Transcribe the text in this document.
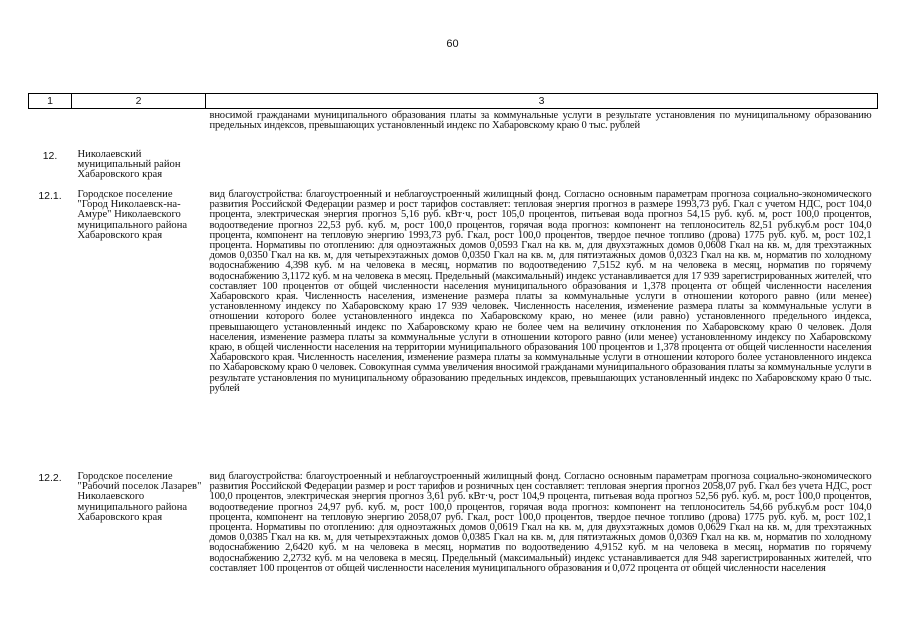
60
1	2	3
		вносимой гражданами муниципального образования платы за коммунальные услуги в результате установления по муниципальному образованию предельных индексов, превышающих установленный индекс по Хабаровскому краю 0 тыс. рублей
12.	Николаевский муниципальный район Хабаровского края	
12.1.	Городское поселение "Город Николаевск-на-Амуре" Николаевского муниципального района Хабаровского края	вид благоустройства: благоустроенный и неблагоустроенный жилищный фонд. Согласно основным параметрам прогноза социально-экономического развития Российской Федерации размер и рост тарифов составляет: тепловая энергия прогноз в размере 1993,73 руб. Гкал с учетом НДС, рост 104,0 процента, электрическая энергия прогноз 5,16 руб. кВт·ч, рост 105,0 процентов, питьевая вода прогноз 54,15 руб. куб. м, рост 100,0 процентов, водоотведение прогноз 22,53 руб. куб. м, рост 100,0 процентов, горячая вода прогноз: компонент на теплоноситель 82,51 руб.куб.м рост 104,0 процента, компонент на тепловую энергию 1993,73 руб. Гкал, рост 100,0 процентов, твердое печное топливо (дрова) 1775 руб. куб. м, рост 102,1 процента. Нормативы по отоплению: для одноэтажных домов 0,0593 Гкал на кв. м, для двухэтажных домов 0,0608 Гкал на кв. м, для трехэтажных домов 0,0350 Гкал на кв. м, для четырехэтажных домов 0,0350 Гкал на кв. м, для пятиэтажных домов 0,0323 Гкал на кв. м, норматив по холодному водоснабжению 4,398 куб. м на человека в месяц, норматив по водоотведению 7,5152 куб. м на человека в месяц, норматив по горячему водоснабжению 3,1172 куб. м на человека в месяц. Предельный (максимальный) индекс устанавливается для 17 939 зарегистрированных жителей, что составляет 100 процентов от общей численности населения муниципального образования и 1,378 процента от общей численности населения Хабаровского края. Численность населения, изменение размера платы за коммунальные услуги в отношении которого равно (или менее) установленному индексу по Хабаровскому краю 17 939 человек. Численность населения, изменение размера платы за коммунальные услуги в отношении которого более установленного индекса по Хабаровскому краю, но менее (или равно) установленного предельного индекса, превышающего установленный индекс по Хабаровскому краю не более чем на величину отклонения по Хабаровскому краю 0 человек. Доля населения, изменение размера платы за коммунальные услуги в отношении которого равно (или менее) установленному индексу по Хабаровскому краю, в общей численности населения на территории муниципального образования 100 процентов и 1,378 процента от общей численности населения Хабаровского края. Численность населения, изменение размера платы за коммунальные услуги в отношении которого более установленного индекса по Хабаровскому краю 0 человек. Совокупная сумма увеличения вносимой гражданами муниципального образования платы за коммунальные услуги в результате установления по муниципальному образованию предельных индексов, превышающих установленный индекс по Хабаровскому краю 0 тыс. рублей
12.2.	Городское поселение "Рабочий поселок Лазарев" Николаевского муниципального района Хабаровского края	вид благоустройства: благоустроенный и неблагоустроенный жилищный фонд. Согласно основным параметрам прогноза социально-экономического развития Российской Федерации размер и рост тарифов и розничных цен составляет: тепловая энергия прогноз 2058,07 руб. Гкал без учета НДС, рост 100,0 процентов, электрическая энергия прогноз 3,61 руб. кВт·ч, рост 104,9 процента, питьевая вода прогноз 52,56 руб. куб. м, рост 100,0 процентов, водоотведение прогноз 24,97 руб. куб. м, рост 100,0 процентов, горячая вода прогноз: компонент на теплоноситель 54,66 руб.куб.м рост 104,0 процента, компонент на тепловую энергию 2058,07 руб. Гкал, рост 100,0 процентов, твердое печное топливо (дрова) 1775 руб. куб. м, рост 102,1 процента. Нормативы по отоплению: для одноэтажных домов 0,0619 Гкал на кв. м, для двухэтажных домов 0,0629 Гкал на кв. м, для трехэтажных домов 0,0385 Гкал на кв. м, для четырехэтажных домов 0,0385 Гкал на кв. м, для пятиэтажных домов 0,0369 Гкал на кв. м, норматив по холодному водоснабжению 2,6420 куб. м на человека в месяц, норматив по водоотведению 4,9152 куб. м на человека в месяц, норматив по горячему водоснабжению 2,2732 куб. м на человека в месяц. Предельный (максимальный) индекс устанавливается для 948 зарегистрированных жителей, что составляет 100 процентов от общей численности населения муниципального образования и 0,072 процента от общей численности населения
